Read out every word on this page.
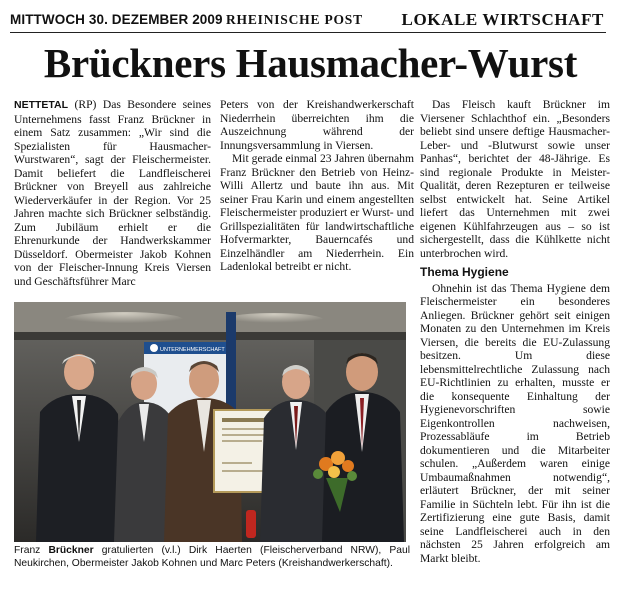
MITTWOCH 30. DEZEMBER 2009 RHEINISCHE POST LOKALE WIRTSCHAFT
Brückners Hausmacher-Wurst

NETTETAL (RP) Das Besondere seines Unternehmens fasst Franz Brückner in einem Satz zusammen: „Wir sind die Spezialisten für Hausmacher-Wurstwaren“, sagt der Fleischermeister. Damit beliefert die Landfleischerei Brückner von Breyell aus zahlreiche Wiederverkäufer in der Region. Vor 25 Jahren machte sich Brückner selbständig. Zum Jubiläum erhielt er die Ehrenurkunde der Handwerkskammer Düsseldorf. Obermeister Jakob Kohnen von der Fleischer-Innung Kreis Viersen und Geschäftsführer Marc

Peters von der Kreishandwerkerschaft Niederrhein überreichten ihm die Auszeichnung während der Innungsversammlung in Viersen.

Mit gerade einmal 23 Jahren übernahm Franz Brückner den Betrieb von Heinz-Willi Allertz und baute ihn aus. Mit seiner Frau Karin und einem angestellten Fleischermeister produziert er Wurst- und Grillspezialitäten für landwirtschaftliche Hofvermarkter, Bauerncafés und Einzelhändler am Niederrhein. Ein Ladenlokal betreibt er nicht.

Das Fleisch kauft Brückner im Viersener Schlachthof ein. „Besonders beliebt sind unsere deftige Hausmacher-Leber- und -Blutwurst sowie unser Panhas“, berichtet der 48-Jährige. Es sind regionale Produkte in Meister-Qualität, deren Rezepturen er teilweise selbst entwickelt hat. Seine Artikel liefert das Unternehmen mit zwei eigenen Kühlfahrzeugen aus – so ist sichergestellt, dass die Kühlkette nicht unterbrochen wird.

Thema Hygiene

Ohnehin ist das Thema Hygiene dem Fleischermeister ein besonderes Anliegen. Brückner gehört seit einigen Monaten zu den Unternehmen im Kreis Viersen, die bereits die EU-Zulassung besitzen. Um diese lebensmittelrechtliche Zulassung nach EU-Richtlinien zu erhalten, musste er die konsequente Einhaltung der Hygienevorschriften sowie Eigenkontrollen nachweisen, Prozessabläufe im Betrieb dokumentieren und die Mitarbeiter schulen. „Außerdem waren einige Umbaumaßnahmen notwendig“, erläutert Brückner, der mit seiner Familie in Süchteln lebt. Für ihn ist die Zertifizierung eine gute Basis, damit seine Landfleischerei auch in den nächsten 25 Jahren erfolgreich am Markt bleibt.

UNTERNEHMERSCHAFT
Franz Brückner gratulierten (v.l.) Dirk Haerten (Fleischerverband NRW), Paul Neukirchen, Obermeister Jakob Kohnen und Marc Peters (Kreishandwerkerschaft).
